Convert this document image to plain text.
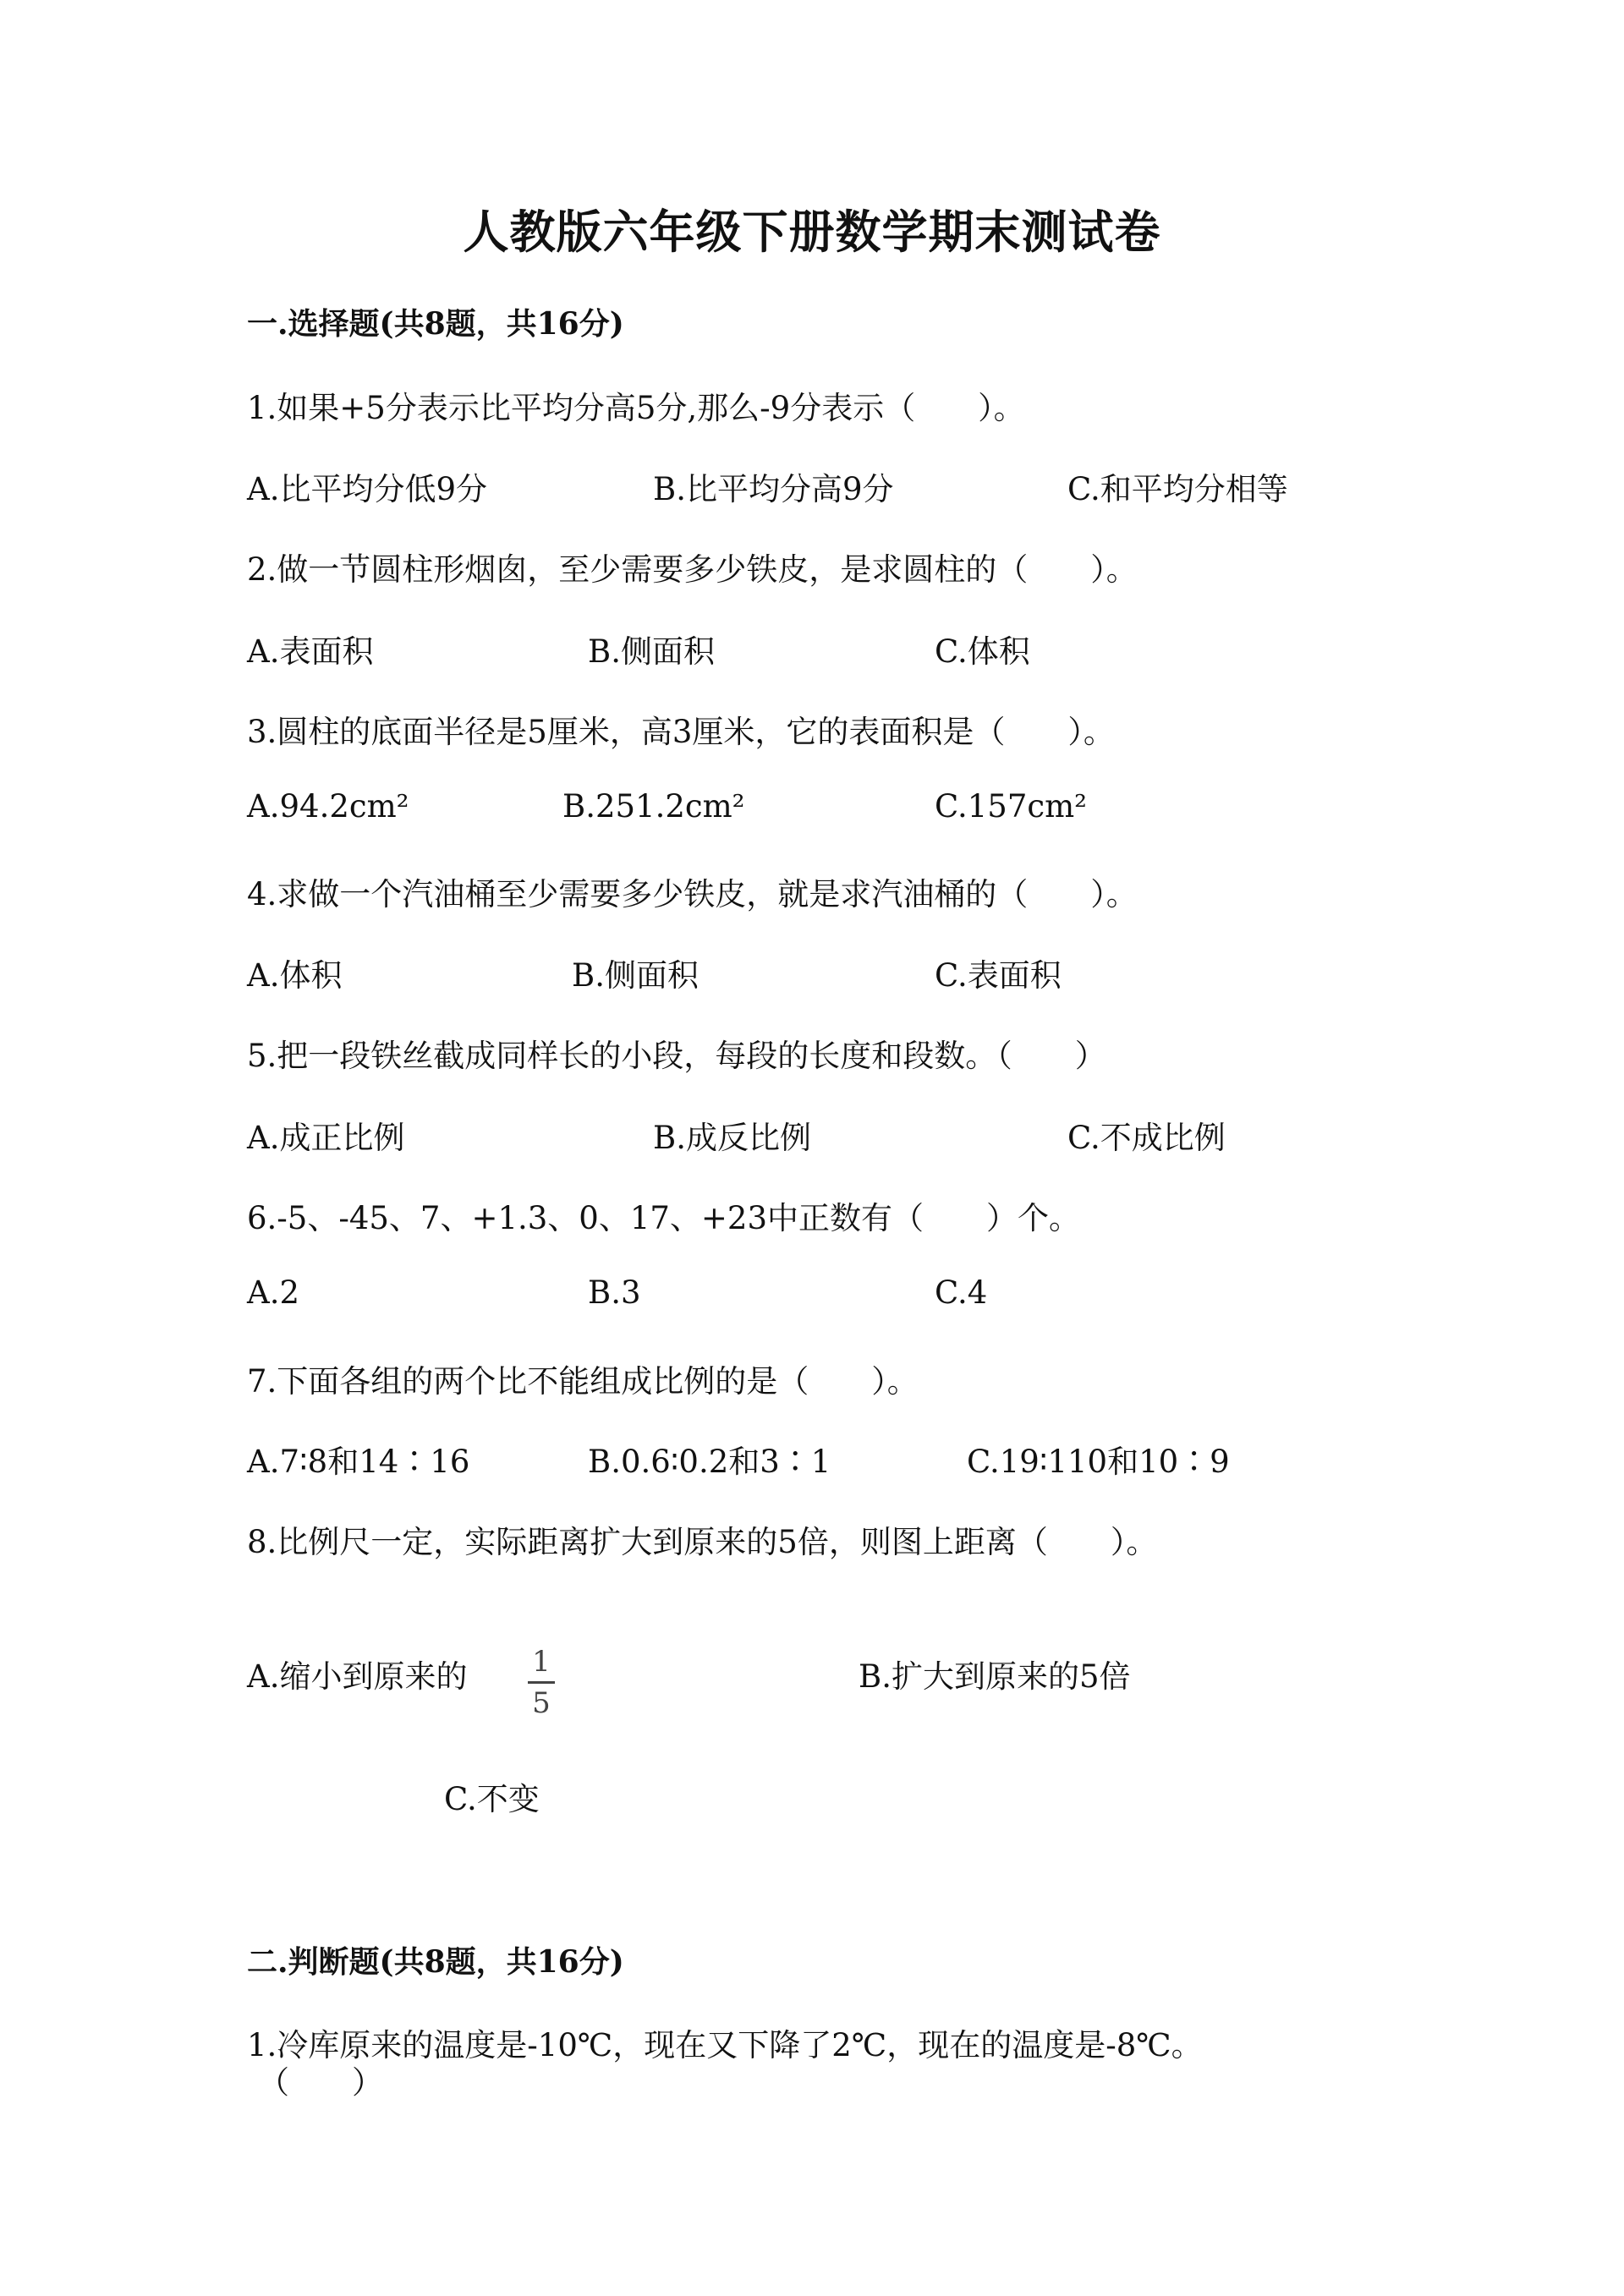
人教版六年级下册数学期末测试卷
一.选择题(共8题，共16分)
1.如果+5分表示比平均分高5分,那么-9分表示（　　）。
A.比平均分低9分	B.比平均分高9分	C.和平均分相等
2.做一节圆柱形烟囱，至少需要多少铁皮，是求圆柱的（　　）。
A.表面积	B.侧面积	C.体积
3.圆柱的底面半径是5厘米，高3厘米，它的表面积是（　　）。
A.94.2cm²	B.251.2cm²	C.157cm²
4.求做一个汽油桶至少需要多少铁皮，就是求汽油桶的（　　）。
A.体积	B.侧面积	C.表面积
5.把一段铁丝截成同样长的小段，每段的长度和段数。（　　）
A.成正比例	B.成反比例	C.不成比例
6.-5、-45、7、+1.3、0、17、+23中正数有（　　）个。
A.2	B.3	C.4
7.下面各组的两个比不能组成比例的是（　　）。
A.7∶8和14∶16	B.0.6∶0.2和3∶1	C.19∶110和10∶9
8.比例尺一定，实际距离扩大到原来的5倍，则图上距离（　　）。
A.缩小到原来的 1
5
B.扩大到原来的5倍
C.不变
二.判断题(共8题，共16分)
1.冷库原来的温度是-10℃，现在又下降了2℃，现在的温度是-8℃。
（　　）
